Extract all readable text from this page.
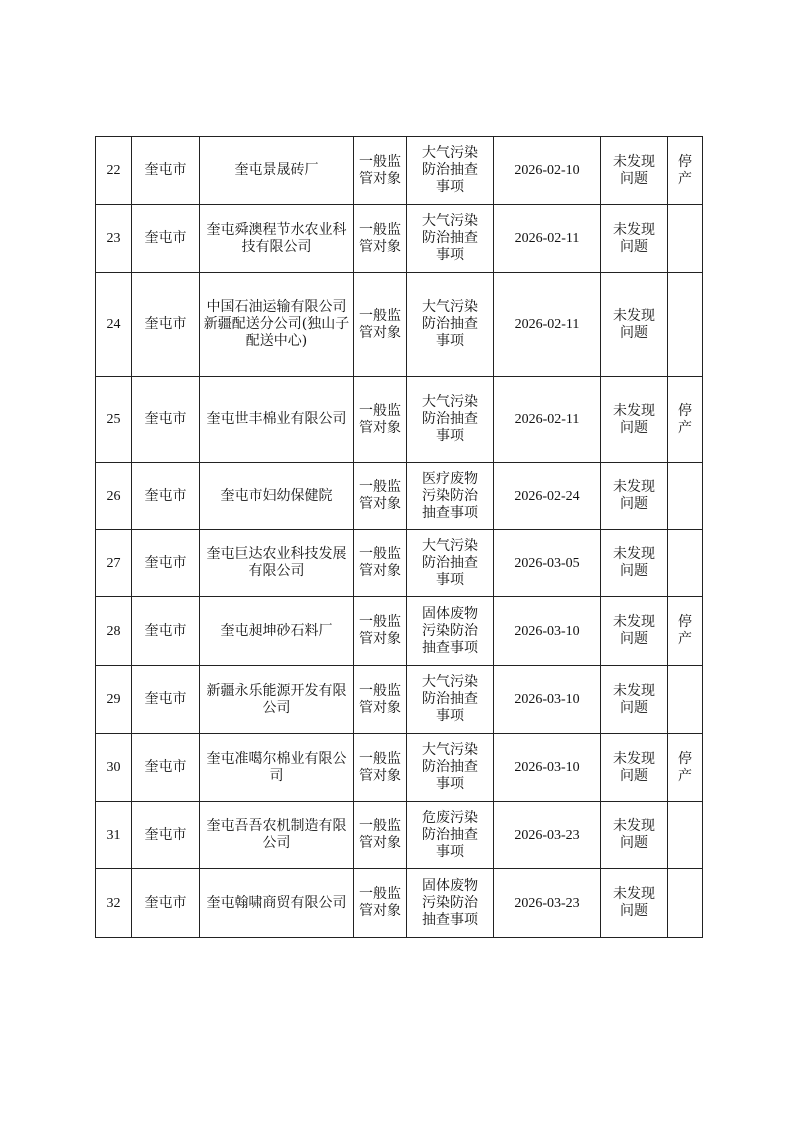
22	奎屯市	奎屯景晟砖厂	一般监管对象	大气污染防治抽查事项	2026-02-10	未发现问题	停产
23	奎屯市	奎屯舜澳程节水农业科技有限公司	一般监管对象	大气污染防治抽查事项	2026-02-11	未发现问题	
24	奎屯市	中国石油运输有限公司新疆配送分公司(独山子配送中心)	一般监管对象	大气污染防治抽查事项	2026-02-11	未发现问题	
25	奎屯市	奎屯世丰棉业有限公司	一般监管对象	大气污染防治抽查事项	2026-02-11	未发现问题	停产
26	奎屯市	奎屯市妇幼保健院	一般监管对象	医疗废物污染防治抽查事项	2026-02-24	未发现问题	
27	奎屯市	奎屯巨达农业科技发展有限公司	一般监管对象	大气污染防治抽查事项	2026-03-05	未发现问题	
28	奎屯市	奎屯昶坤砂石料厂	一般监管对象	固体废物污染防治抽查事项	2026-03-10	未发现问题	停产
29	奎屯市	新疆永乐能源开发有限公司	一般监管对象	大气污染防治抽查事项	2026-03-10	未发现问题	
30	奎屯市	奎屯准噶尔棉业有限公司	一般监管对象	大气污染防治抽查事项	2026-03-10	未发现问题	停产
31	奎屯市	奎屯吾吾农机制造有限公司	一般监管对象	危废污染防治抽查事项	2026-03-23	未发现问题	
32	奎屯市	奎屯翰啸商贸有限公司	一般监管对象	固体废物污染防治抽查事项	2026-03-23	未发现问题	
